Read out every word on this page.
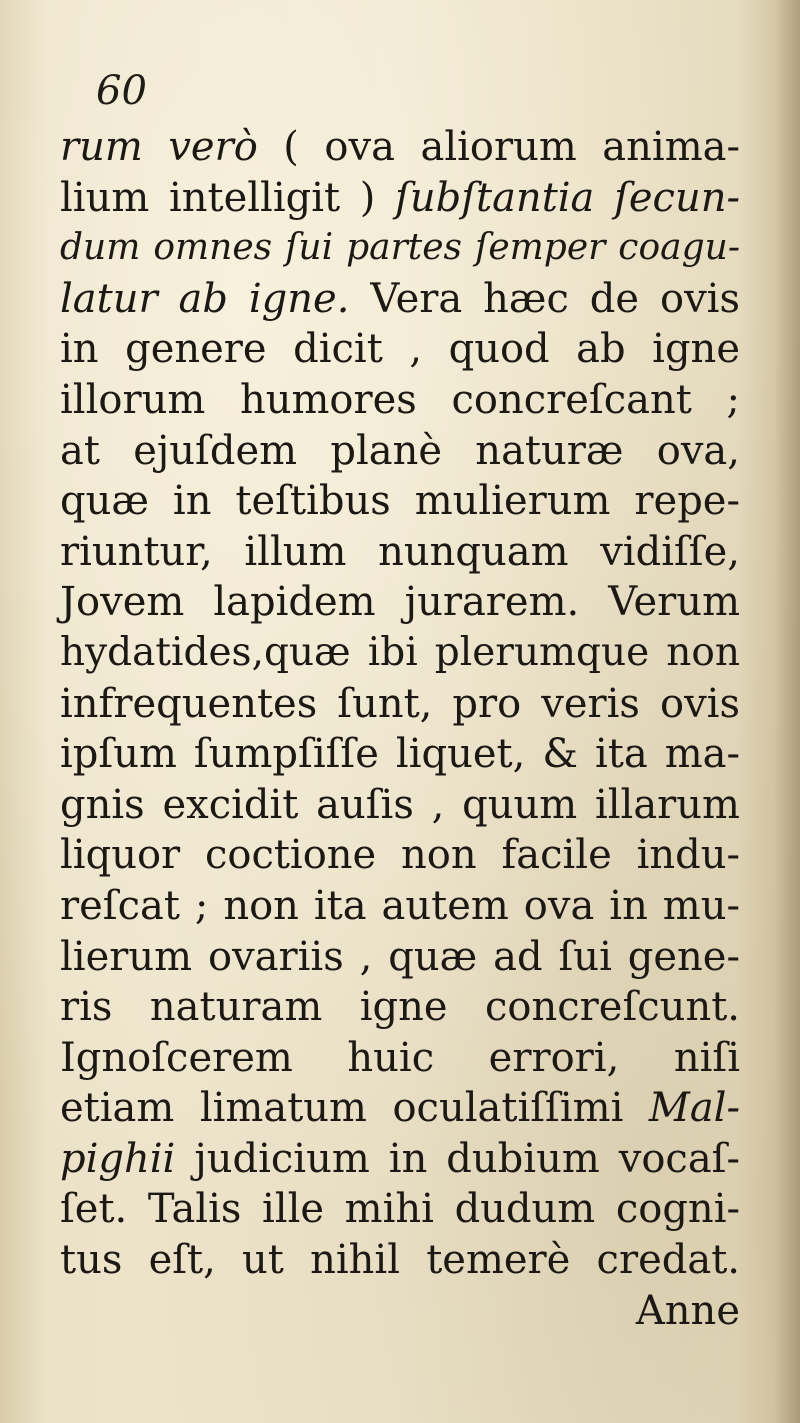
60
rum verò ( ova aliorum anima-
lium intelligit ) ſubſtantia ſecun-
dum omnes ſui partes ſemper coagu-
latur ab igne. Vera hæc de ovis
in genere dicit , quod ab igne
illorum humores concreſcant ;
at ejuſdem planè naturæ ova,
quæ in teſtibus mulierum repe-
riuntur, illum nunquam vidiſſe,
Jovem lapidem jurarem. Verum
hydatides,quæ ibi plerumque non
infrequentes ſunt, pro veris ovis
ipſum ſumpſiſſe liquet, & ita ma-
gnis excidit auſis , quum illarum
liquor coctione non facile indu-
reſcat ; non ita autem ova in mu-
lierum ovariis , quæ ad ſui gene-
ris naturam igne concreſcunt.
Ignoſcerem huic errori, niſi
etiam limatum oculatiſſimi Mal-
pighii judicium in dubium vocaſ-
ſet. Talis ille mihi dudum cogni-
tus eſt, ut nihil temerè credat.
Anne
